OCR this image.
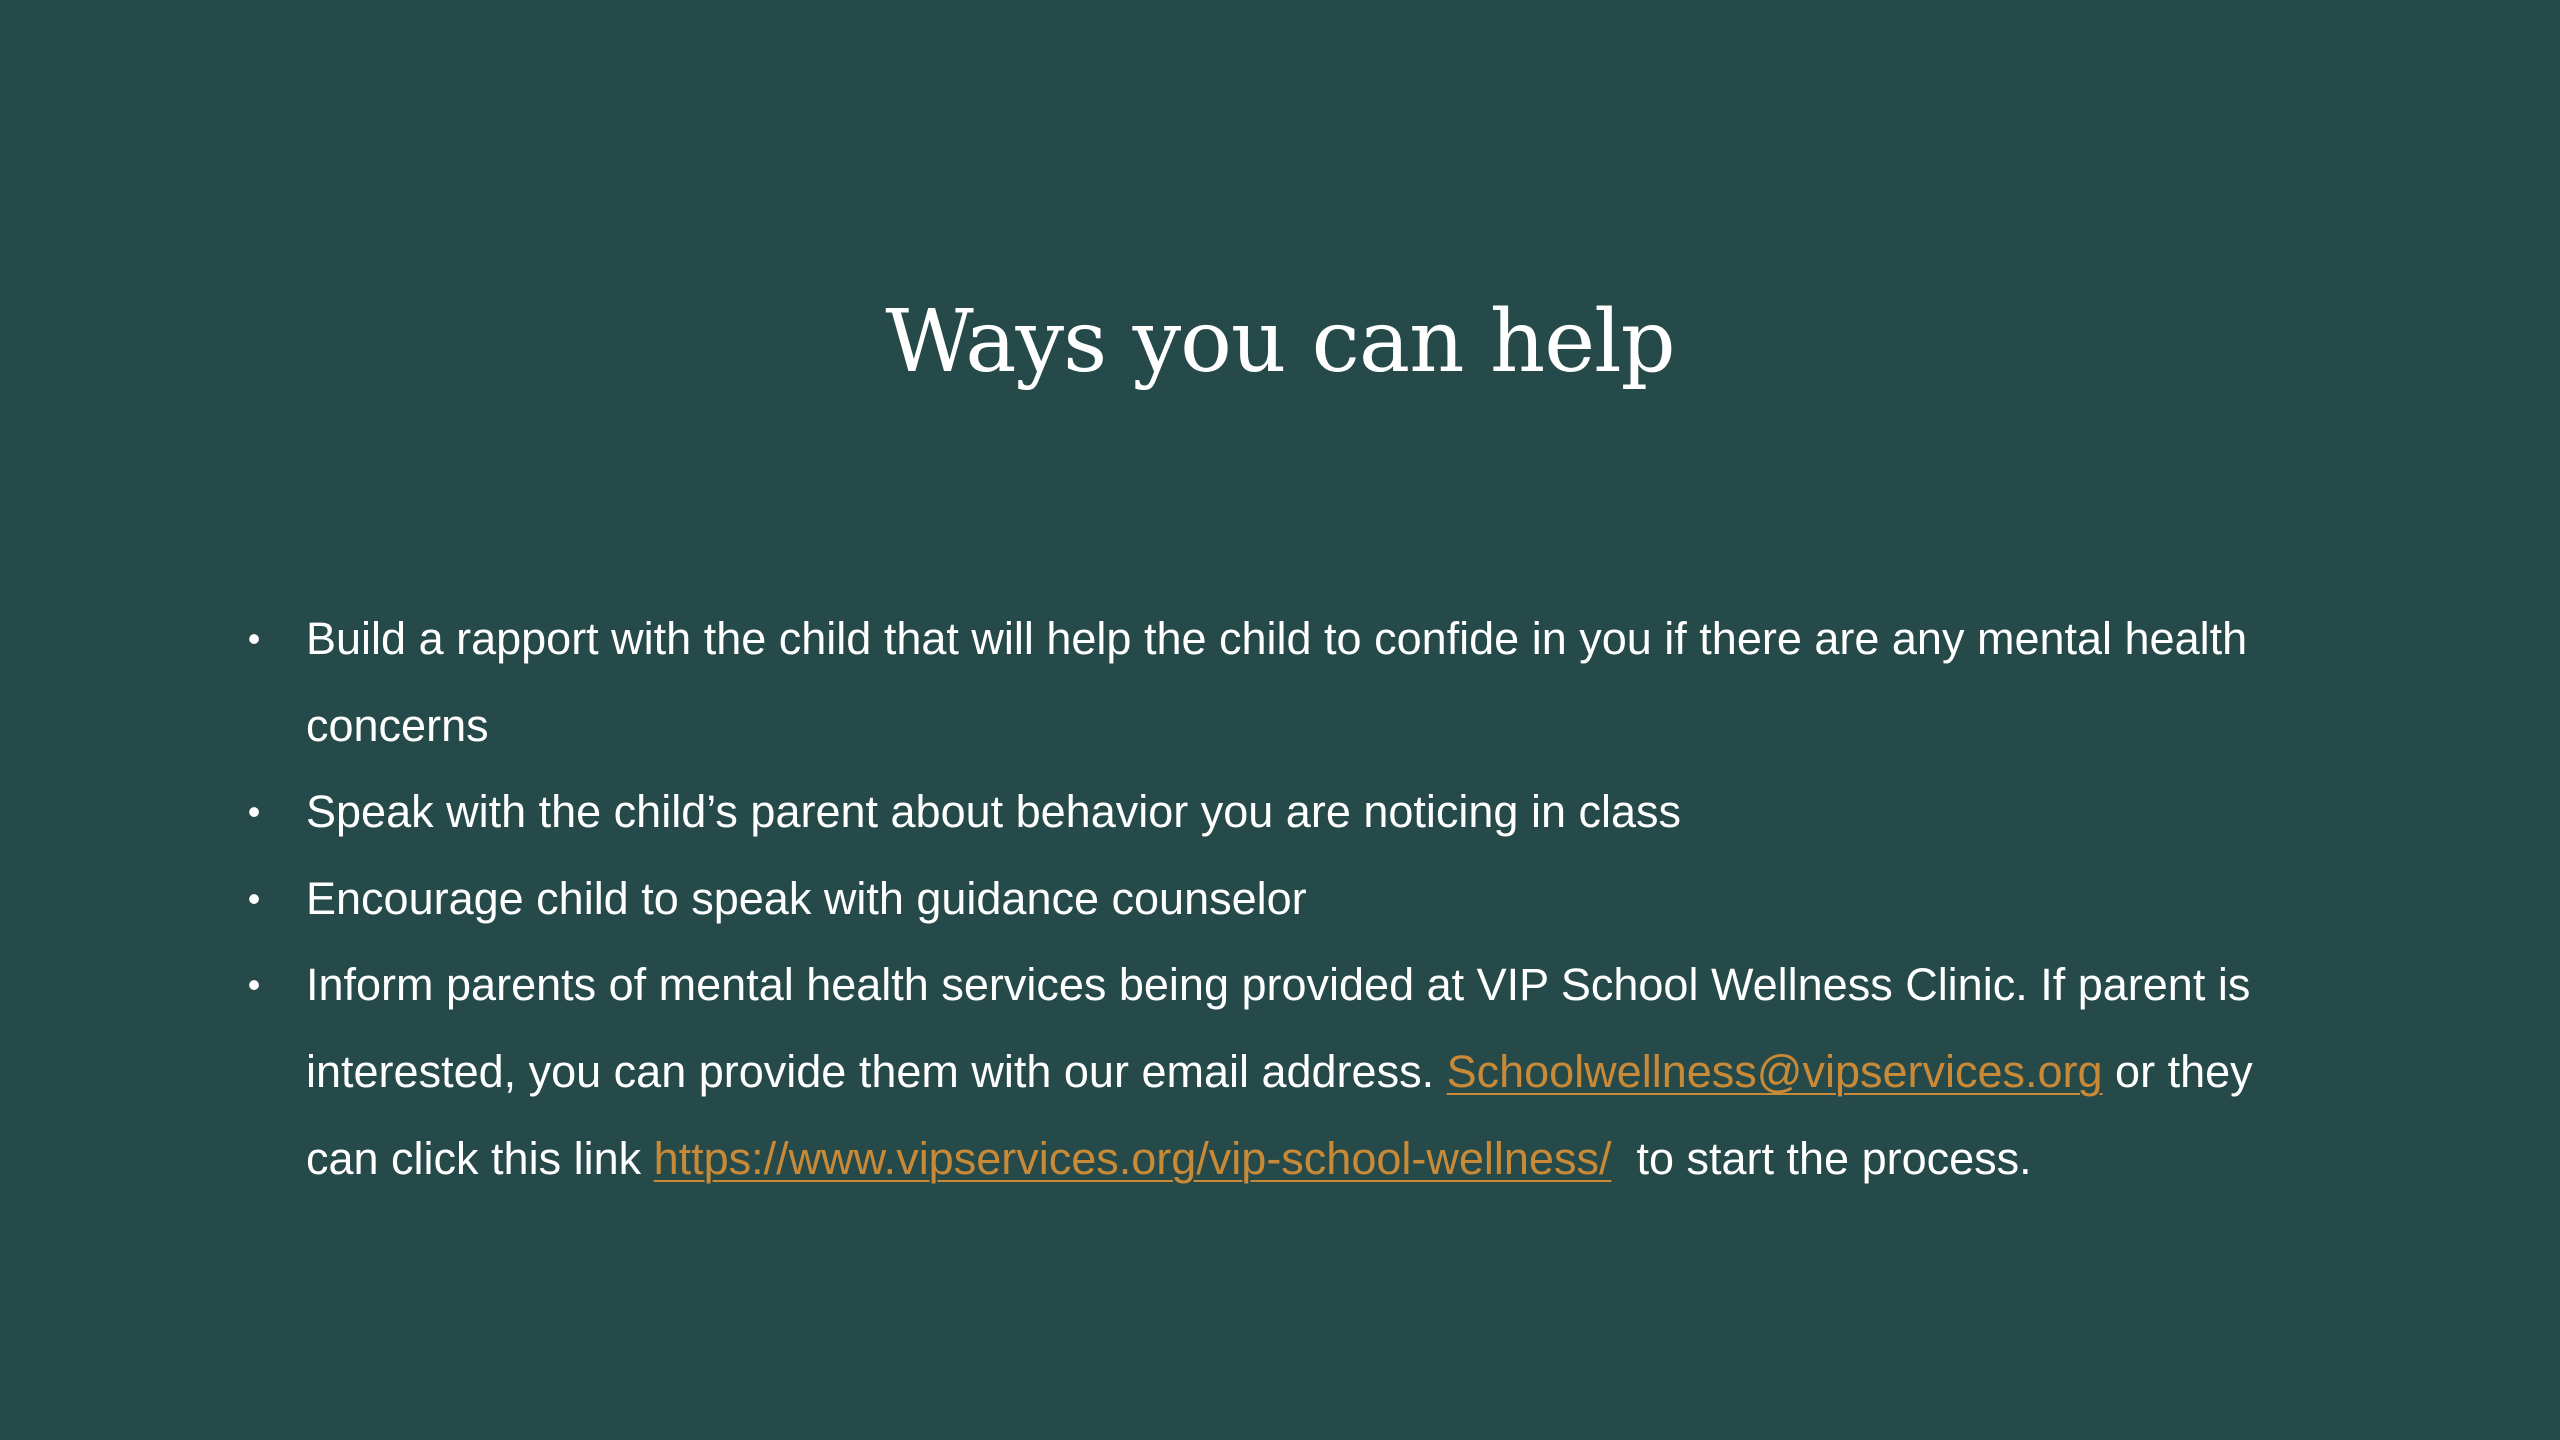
Ways you can help
• Build a rapport with the child that will help the child to confide in you if there are any mental health concerns
• Speak with the child’s parent about behavior you are noticing in class
• Encourage child to speak with guidance counselor
• Inform parents of mental health services being provided at VIP School Wellness Clinic. If parent is interested, you can provide them with our email address. Schoolwellness@vipservices.org or they can click this link https://www.vipservices.org/vip-school-wellness/  to start the process.
